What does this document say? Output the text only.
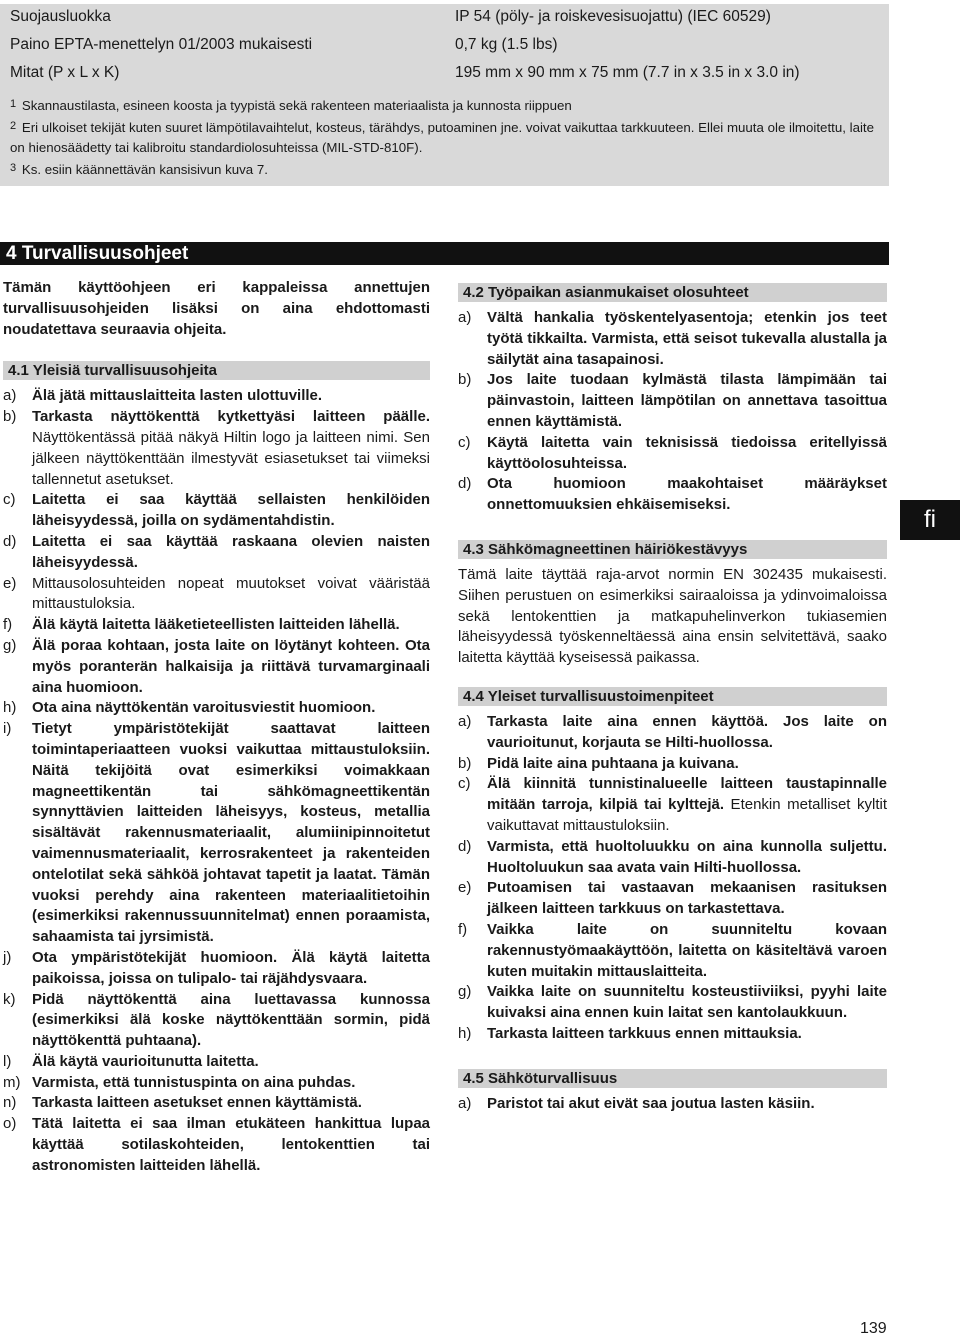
Suojausluokka	IP 54 (pöly- ja roiskevesisuojattu) (IEC 60529)
Paino EPTA-menettelyn 01/2003 mukaisesti	0,7 kg (1.5 lbs)
Mitat (P x L x K)	195 mm x 90 mm x 75 mm (7.7 in x 3.5 in x 3.0 in)

$^1$ Skannaustilasta, esineen koosta ja tyypistä sekä rakenteen materiaalista ja kunnosta riippuen

$^2$ Eri ulkoiset tekijät kuten suuret lämpötilavaihtelut, kosteus, tärähdys, putoaminen jne. voivat vaikuttaa tarkkuuteen. Ellei muuta ole ilmoitettu, laite on hienosäädetty tai kalibroitu standardiolosuhteissa (MIL-STD-810F).

$^3$ Ks. esiin käännettävän kansisivun kuva 7.

4 Turvallisuusohjeet

Tämän käyttöohjeen eri kappaleissa annettujen turvallisuusohjeiden lisäksi on aina ehdottomasti noudatettava seuraavia ohjeita.

4.1 Yleisiä turvallisuusohjeita
a) Älä jätä mittauslaitteita lasten ulottuville.
b) Tarkasta näyttökenttä kytkettyäsi laitteen päälle. Näyttökentässä pitää näkyä Hiltin logo ja laitteen nimi. Sen jälkeen näyttökenttään ilmestyvät esiasetukset tai viimeksi tallennetut asetukset.
c) Laitetta ei saa käyttää sellaisten henkilöiden läheisyydessä, joilla on sydämentahdistin.
d) Laitetta ei saa käyttää raskaana olevien naisten läheisyydessä.
e) Mittausolosuhteiden nopeat muutokset voivat vääristää mittaustuloksia.
f) Älä käytä laitetta lääketieteellisten laitteiden lähellä.
g) Älä poraa kohtaan, josta laite on löytänyt kohteen. Ota myös poranterän halkaisija ja riittävä turvamarginaali aina huomioon.
h) Ota aina näyttökentän varoitusviestit huomioon.
i) Tietyt ympäristötekijät saattavat laitteen toimintaperiaatteen vuoksi vaikuttaa mittaustuloksiin. Näitä tekijöitä ovat esimerkiksi voimakkaan magneettikentän tai sähkömagneettikentän synnyttävien laitteiden läheisyys, kosteus, metallia sisältävät rakennusmateriaalit, alumiinipinnoitetut vaimennusmateriaalit, kerrosrakenteet ja rakenteiden ontelotilat sekä sähköä johtavat tapetit ja laatat. Tämän vuoksi perehdy aina rakenteen materiaalitietoihin (esimerkiksi rakennussuunnitelmat) ennen poraamista, sahaamista tai jyrsimistä.
j) Ota ympäristötekijät huomioon. Älä käytä laitetta paikoissa, joissa on tulipalo- tai räjähdysvaara.
k) Pidä näyttökenttä aina luettavassa kunnossa (esimerkiksi älä koske näyttökenttään sormin, pidä näyttökenttä puhtaana).
l) Älä käytä vaurioitunutta laitetta.
m) Varmista, että tunnistuspinta on aina puhdas.
n) Tarkasta laitteen asetukset ennen käyttämistä.
o) Tätä laitetta ei saa ilman etukäteen hankittua lupaa käyttää sotilaskohteiden, lentokenttien tai astronomisten laitteiden lähellä.
4.2 Työpaikan asianmukaiset olosuhteet
a) Vältä hankalia työskentelyasentoja; etenkin jos teet työtä tikkailta. Varmista, että seisot tukevalla alustalla ja säilytät aina tasapainosi.
b) Jos laite tuodaan kylmästä tilasta lämpimään tai päinvastoin, laitteen lämpötilan on annettava tasoittua ennen käyttämistä.
c) Käytä laitetta vain teknisissä tiedoissa eritellyissä käyttöolosuhteissa.
d) Ota huomioon maakohtaiset määräykset onnettomuuksien ehkäisemiseksi.
4.3 Sähkömagneettinen häiriökestävyys

Tämä laite täyttää raja-arvot normin EN 302435 mukaisesti. Siihen perustuen on esimerkiksi sairaaloissa ja ydinvoimaloissa sekä lentokenttien ja matkapuhelinverkon tukiasemien läheisyydessä työskenneltäessä aina ensin selvitettävä, saako laitetta käyttää kyseisessä paikassa.

4.4 Yleiset turvallisuustoimenpiteet
a) Tarkasta laite aina ennen käyttöä. Jos laite on vaurioitunut, korjauta se Hilti-huollossa.
b) Pidä laite aina puhtaana ja kuivana.
c) Älä kiinnitä tunnistinalueelle laitteen taustapinnalle mitään tarroja, kilpiä tai kylttejä. Etenkin metalliset kyltit vaikuttavat mittaustuloksiin.
d) Varmista, että huoltoluukku on aina kunnolla suljettu. Huoltoluukun saa avata vain Hilti-huollossa.
e) Putoamisen tai vastaavan mekaanisen rasituksen jälkeen laitteen tarkkuus on tarkastettava.
f) Vaikka laite on suunniteltu kovaan rakennustyömaakäyttöön, laitetta on käsiteltävä varoen kuten muitakin mittauslaitteita.
g) Vaikka laite on suunniteltu kosteustiiviiksi, pyyhi laite kuivaksi aina ennen kuin laitat sen kantolaukkuun.
h) Tarkasta laitteen tarkkuus ennen mittauksia.
4.5 Sähköturvallisuus
a) Paristot tai akut eivät saa joutua lasten käsiin.
fi
139
